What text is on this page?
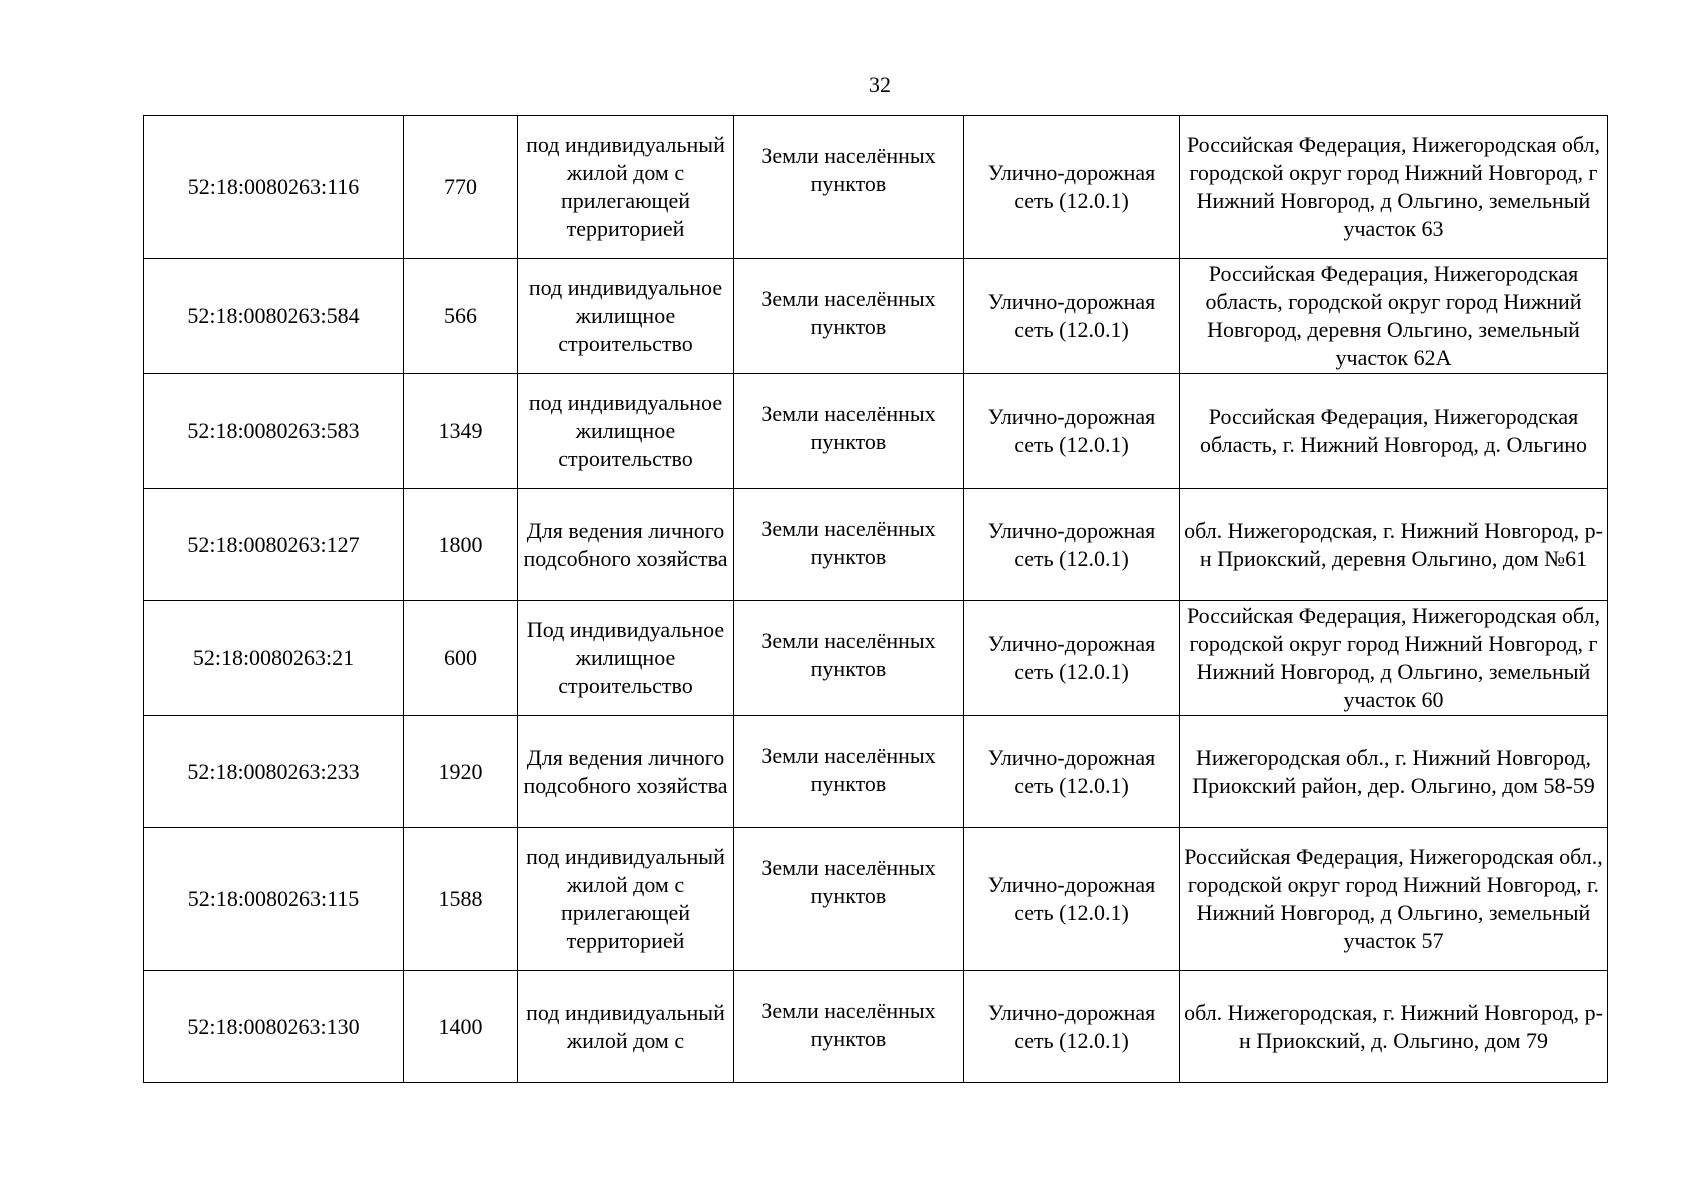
32
52:18:0080263:116	770	под индивидуальный жилой дом с прилегающей территорией	Земли населённых пунктов	Улично-дорожная сеть (12.0.1)	Российская Федерация, Нижегородская обл, городской округ город Нижний Новгород, г Нижний Новгород, д Ольгино, земельный участок 63
52:18:0080263:584	566	под индивидуальное жилищное строительство	Земли населённых пунктов	Улично-дорожная сеть (12.0.1)	Российская Федерация, Нижегородская область, городской округ город Нижний Новгород, деревня Ольгино, земельный участок 62А
52:18:0080263:583	1349	под индивидуальное жилищное строительство	Земли населённых пунктов	Улично-дорожная сеть (12.0.1)	Российская Федерация, Нижегородская область, г. Нижний Новгород, д. Ольгино
52:18:0080263:127	1800	Для ведения личного подсобного хозяйства	Земли населённых пунктов	Улично-дорожная сеть (12.0.1)	обл. Нижегородская, г. Нижний Новгород, р-н Приокский, деревня Ольгино, дом №61
52:18:0080263:21	600	Под индивидуальное жилищное строительство	Земли населённых пунктов	Улично-дорожная сеть (12.0.1)	Российская Федерация, Нижегородская обл, городской округ город Нижний Новгород, г Нижний Новгород, д Ольгино, земельный участок 60
52:18:0080263:233	1920	Для ведения личного подсобного хозяйства	Земли населённых пунктов	Улично-дорожная сеть (12.0.1)	Нижегородская обл., г. Нижний Новгород, Приокский район, дер. Ольгино, дом 58-59
52:18:0080263:115	1588	под индивидуальный жилой дом с прилегающей территорией	Земли населённых пунктов	Улично-дорожная сеть (12.0.1)	Российская Федерация, Нижегородская обл., городской округ город Нижний Новгород, г. Нижний Новгород, д Ольгино, земельный участок 57
52:18:0080263:130	1400	под индивидуальный жилой дом с	Земли населённых пунктов	Улично-дорожная сеть (12.0.1)	обл. Нижегородская, г. Нижний Новгород, р-н Приокский, д. Ольгино, дом 79
